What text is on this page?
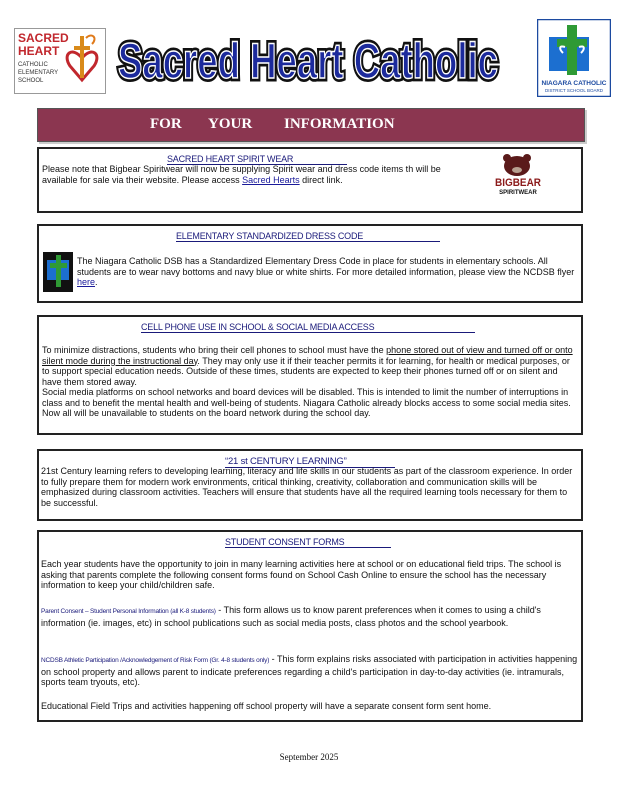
SACRED
HEART
CATHOLIC
ELEMENTARY
SCHOOL Sacred Heart Catholic
Sacred Heart Catholic	NIAGARA CATHOLIC
DISTRICT SCHOOL BOARD
FOR YOUR INFORMATION
SACRED HEART SPIRIT WEAR
Please note that Bigbear Spiritwear will now be supplying Spirit wear and dress code items th will be available for sale via their website. Please access Sacred Hearts direct link.	BIGBEAR
SPIRITWEAR
ELEMENTARY STANDARDIZED DRESS CODE
The Niagara Catholic DSB has a Standardized Elementary Dress Code in place for students in elementary schools. All students are to wear navy bottoms and navy blue or white shirts. For more detailed information, please view the NCDSB flyer here.
CELL PHONE USE IN SCHOOL & SOCIAL MEDIA ACCESS
To minimize distractions, students who bring their cell phones to school must have the phone stored out of view and turned off or onto silent mode during the instructional day. They may only use it if their teacher permits it for learning, for health or medical purposes, or to support special education needs. Outside of these times, students are expected to keep their phones turned off or on silent and have them stored away.
Social media platforms on school networks and board devices will be disabled. This is intended to limit the number of interruptions in class and to benefit the mental health and well-being of students. Niagara Catholic already blocks access to some social media sites. Now all will be unavailable to students on the board network during the school day.
“21 st CENTURY LEARNING”
21st Century learning refers to developing learning, literacy and life skills in our students as part of the classroom experience. In order to fully prepare them for modern work environments, critical thinking, creativity, collaboration and communication skills will be emphasized during classroom activities. Teachers will ensure that students have all the required learning tools necessary for them to be successful.
STUDENT CONSENT FORMS
Each year students have the opportunity to join in many learning activities here at school or on educational field trips. The school is asking that parents complete the following consent forms found on School Cash Online to ensure the school has the necessary information to keep your child/children safe.
Parent Consent – Student Personal Information (all K-8 students) - This form allows us to know parent preferences when it comes to using a child's information (ie. images, etc) in school publications such as social media posts, class photos and the school yearbook.
NCDSB Athletic Participation /Acknowledgement of Risk Form (Gr. 4-8 students only) - This form explains risks associated with participation in activities happening on school property and allows parent to indicate preferences regarding a child's participation in day-to-day activities (ie. intramurals, sports team tryouts, etc).
Educational Field Trips and activities happening off school property will have a separate consent form sent home.
September 2025
